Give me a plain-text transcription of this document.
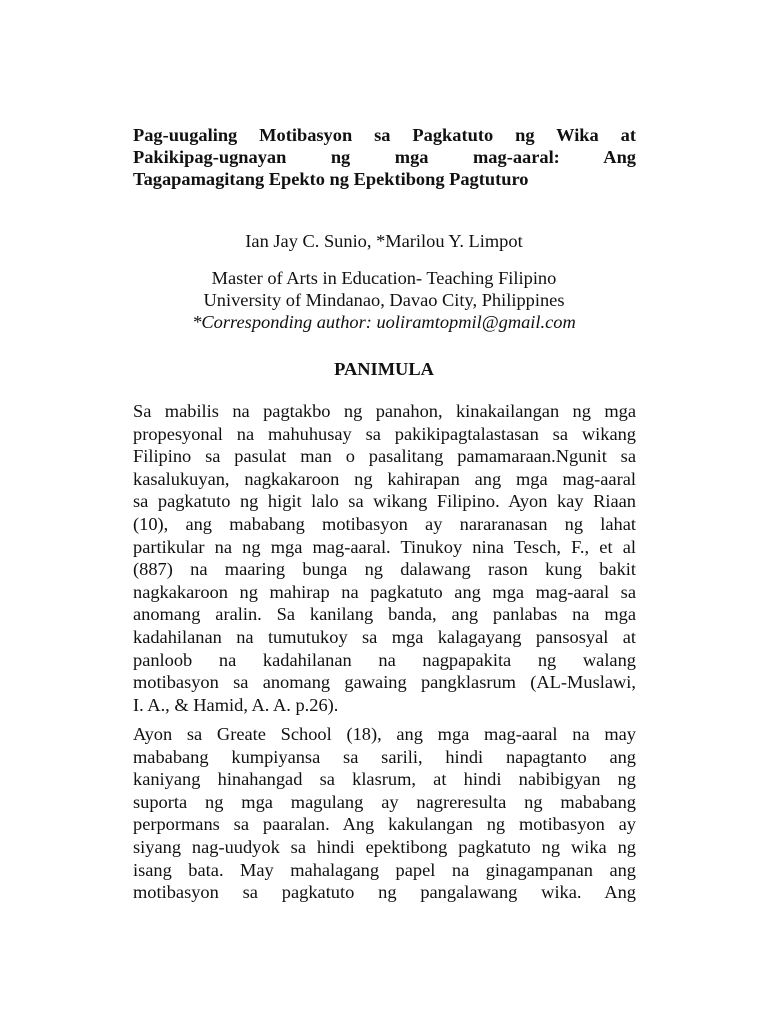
Pag-uugaling Motibasyon sa Pagkatuto ng Wika at
Pakikipag-ugnayan ng mga mag-aaral: Ang
Tagapamagitang Epekto ng Epektibong Pagtuturo

Ian Jay C. Sunio, *Marilou Y. Limpot

Master of Arts in Education- Teaching Filipino
University of Mindanao, Davao City, Philippines
*Corresponding author: uoliramtopmil@gmail.com
PANIMULA

Sa mabilis na pagtakbo ng panahon, kinakailangan ng mga
propesyonal na mahuhusay sa pakikipagtalastasan sa wikang
Filipino sa pasulat man o pasalitang pamamaraan.Ngunit sa
kasalukuyan, nagkakaroon ng kahirapan ang mga mag-aaral
sa pagkatuto ng higit lalo sa wikang Filipino. Ayon kay Riaan
(10), ang mababang motibasyon ay nararanasan ng lahat
partikular na ng mga mag-aaral. Tinukoy nina Tesch, F., et al
(887) na maaring bunga ng dalawang rason kung bakit
nagkakaroon ng mahirap na pagkatuto ang mga mag-aaral sa
anomang aralin. Sa kanilang banda, ang panlabas na mga
kadahilanan na tumutukoy sa mga kalagayang pansosyal at
panloob na kadahilanan na nagpapakita ng walang
motibasyon sa anomang gawaing pangklasrum (AL-Muslawi,
I. A., & Hamid, A. A. p.26).

Ayon sa Greate School (18), ang mga mag-aaral na may
mababang kumpiyansa sa sarili, hindi napagtanto ang
kaniyang hinahangad sa klasrum, at hindi nabibigyan ng
suporta ng mga magulang ay nagreresulta ng mababang
perpormans sa paaralan. Ang kakulangan ng motibasyon ay
siyang nag-uudyok sa hindi epektibong pagkatuto ng wika ng
isang bata. May mahalagang papel na ginagampanan ang
motibasyon sa pagkatuto ng pangalawang wika. Ang
